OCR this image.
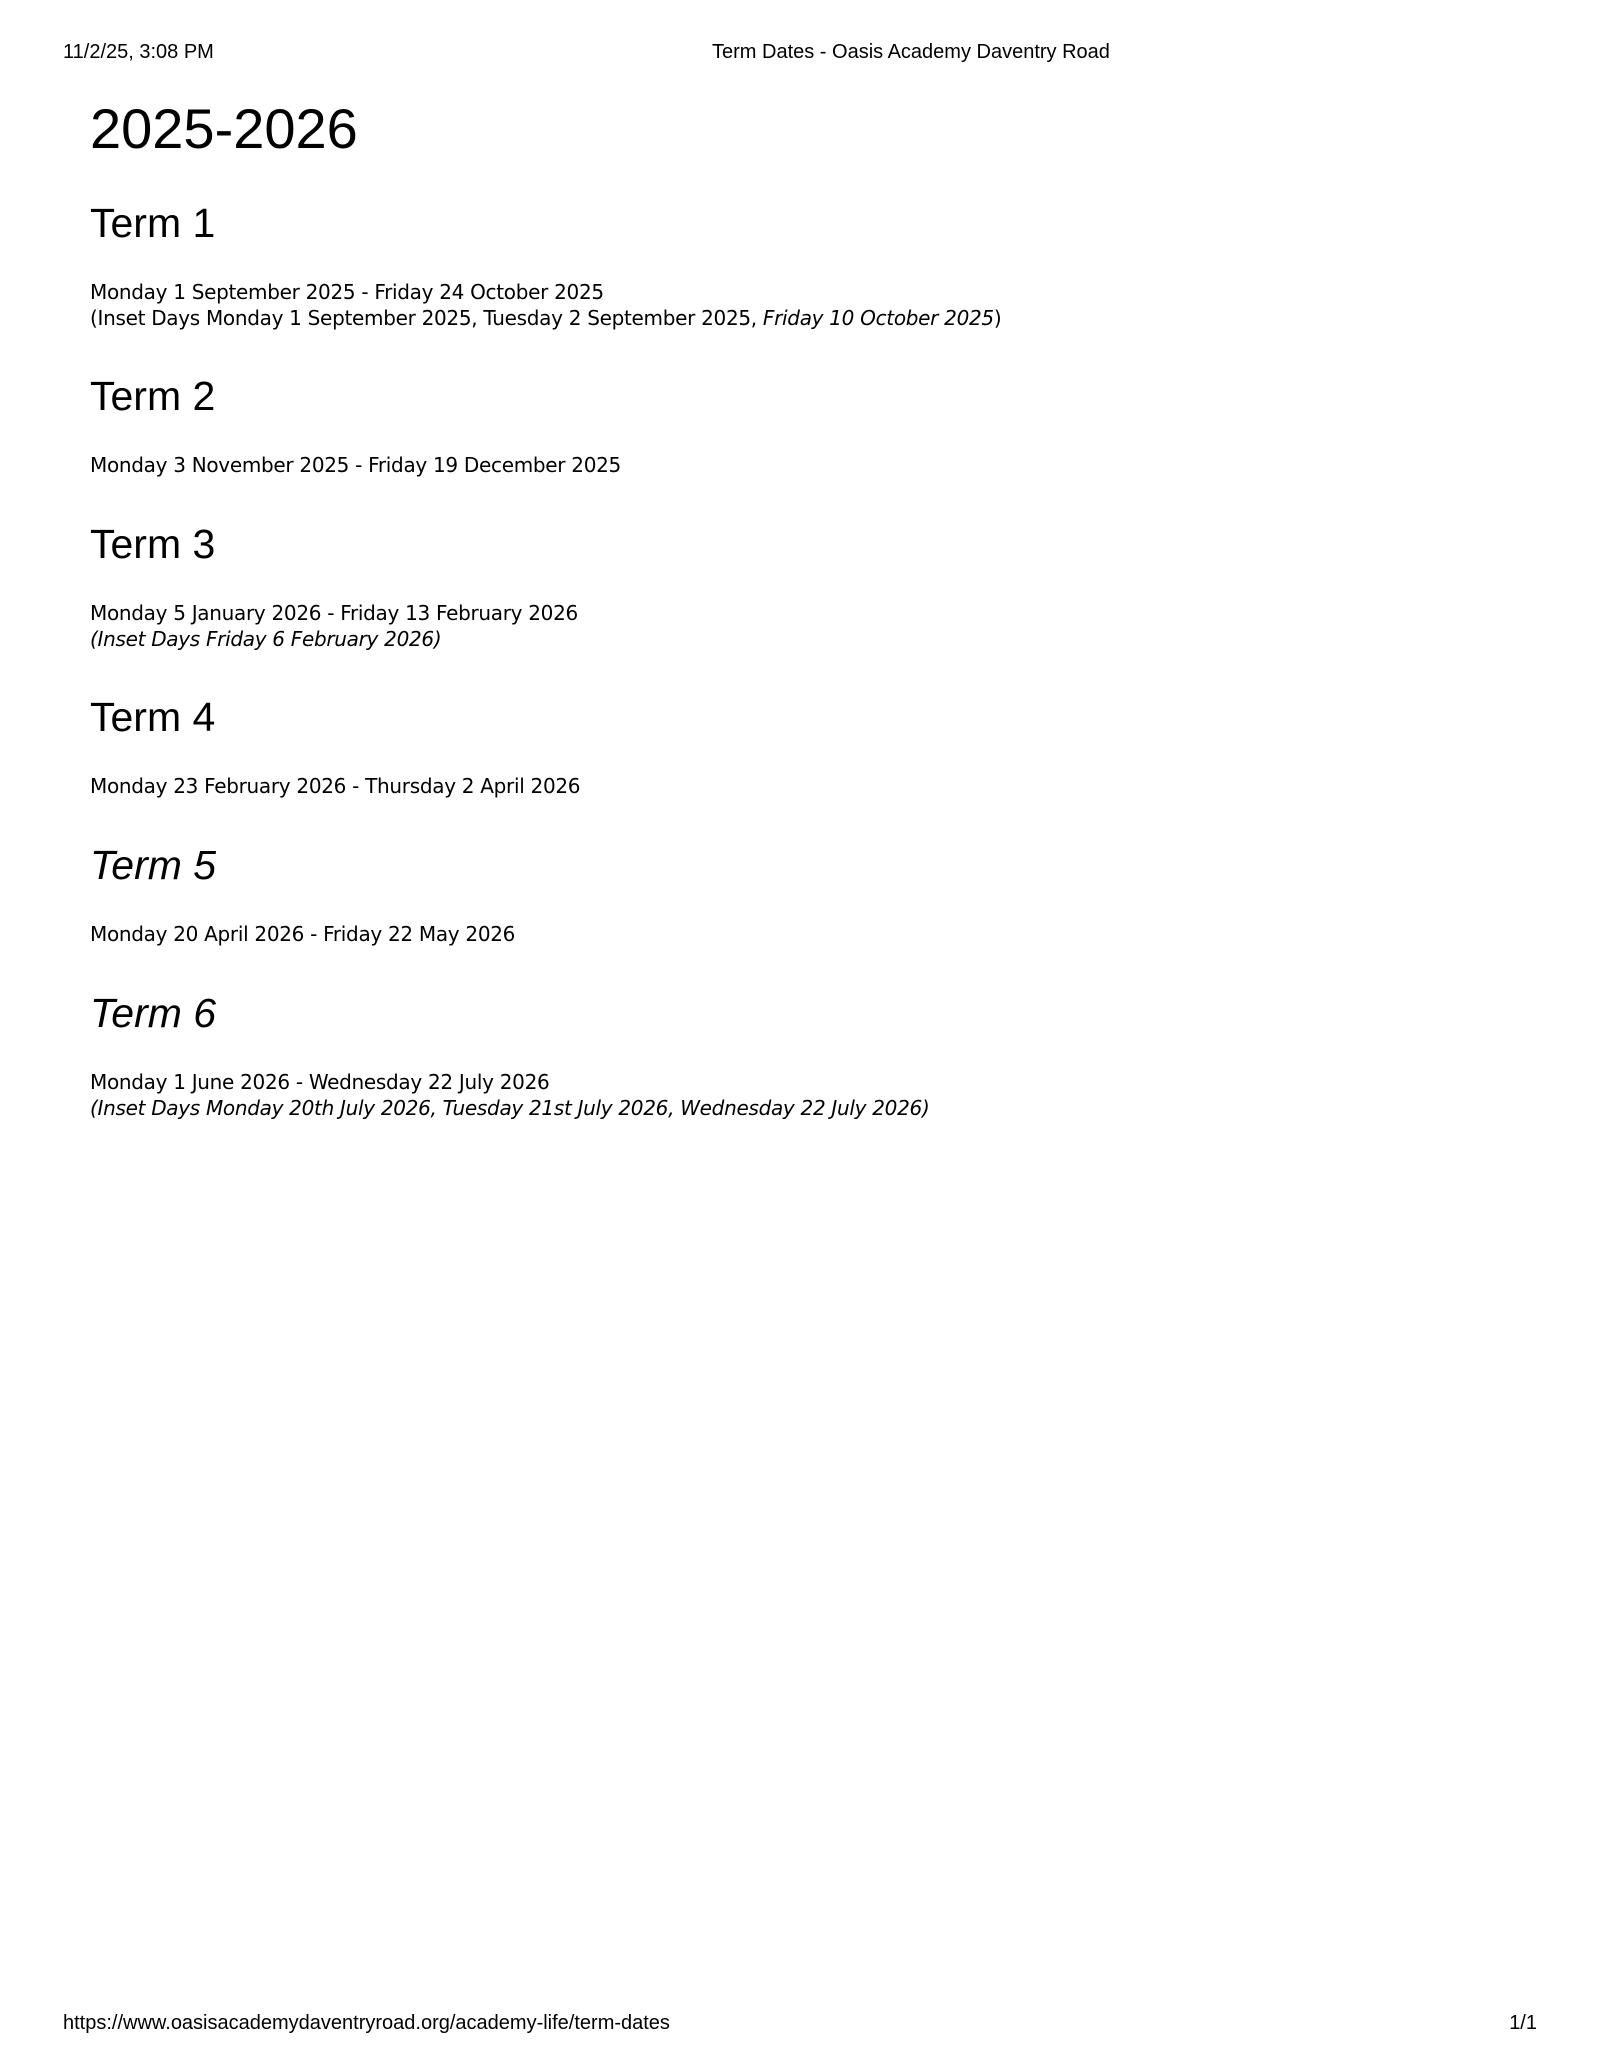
11/2/25, 3:08 PM	Term Dates - Oasis Academy Daventry Road
2025-2026
Term 1

Monday 1 September 2025 - Friday 24 October 2025

(Inset Days Monday 1 September 2025, Tuesday 2 September 2025, Friday 10 October 2025)

Term 2

Monday 3 November 2025 - Friday 19 December 2025

Term 3

Monday 5 January 2026 - Friday 13 February 2026

(Inset Days Friday 6 February 2026)

Term 4

Monday 23 February 2026 - Thursday 2 April 2026

Term 5

Monday 20 April 2026 - Friday 22 May 2026

Term 6

Monday 1 June 2026 - Wednesday 22 July 2026

(Inset Days Monday 20th July 2026, Tuesday 21st July 2026, Wednesday 22 July 2026)

https://www.oasisacademydaventryroad.org/academy-life/term-dates	1/1
